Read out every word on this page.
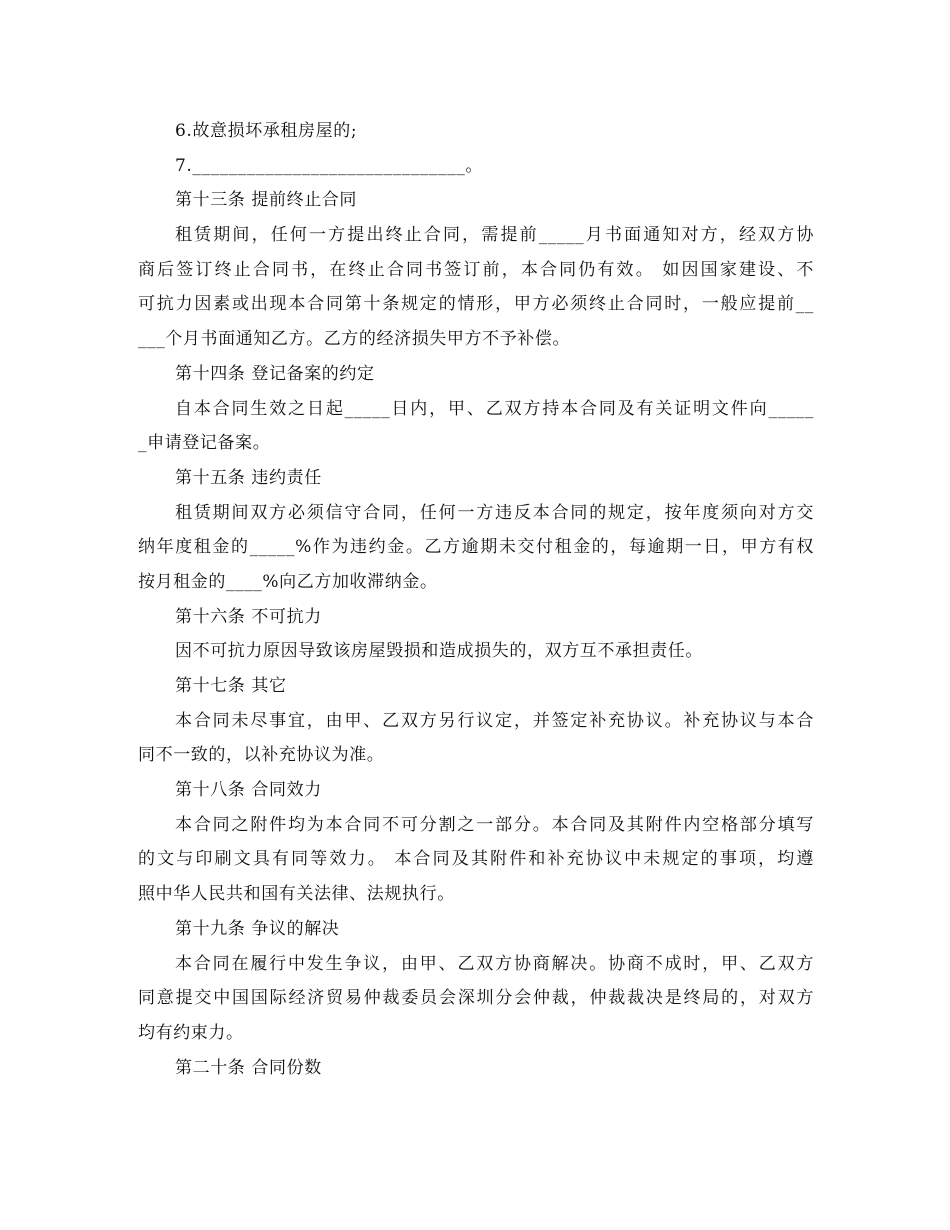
6.故意损坏承租房屋的;
7.______________________________。
第十三条 提前终止合同
租赁期间，任何一方提出终止合同，需提前_____月书面通知对方，经双方协
商后签订终止合同书，在终止合同书签订前，本合同仍有效。 如因国家建设、不
可抗力因素或出现本合同第十条规定的情形，甲方必须终止合同时，一般应提前__
___个月书面通知乙方。乙方的经济损失甲方不予补偿。
第十四条 登记备案的约定
自本合同生效之日起_____日内，甲、乙双方持本合同及有关证明文件向_____
_申请登记备案。
第十五条 违约责任
租赁期间双方必须信守合同，任何一方违反本合同的规定，按年度须向对方交
纳年度租金的_____%作为违约金。乙方逾期未交付租金的，每逾期一日，甲方有权
按月租金的____%向乙方加收滞纳金。
第十六条 不可抗力
因不可抗力原因导致该房屋毁损和造成损失的，双方互不承担责任。
第十七条 其它
本合同未尽事宜，由甲、乙双方另行议定，并签定补充协议。补充协议与本合
同不一致的，以补充协议为准。
第十八条 合同效力
本合同之附件均为本合同不可分割之一部分。本合同及其附件内空格部分填写
的文与印刷文具有同等效力。 本合同及其附件和补充协议中未规定的事项，均遵
照中华人民共和国有关法律、法规执行。
第十九条 争议的解决
本合同在履行中发生争议，由甲、乙双方协商解决。协商不成时，甲、乙双方
同意提交中国国际经济贸易仲裁委员会深圳分会仲裁，仲裁裁决是终局的，对双方
均有约束力。
第二十条 合同份数
